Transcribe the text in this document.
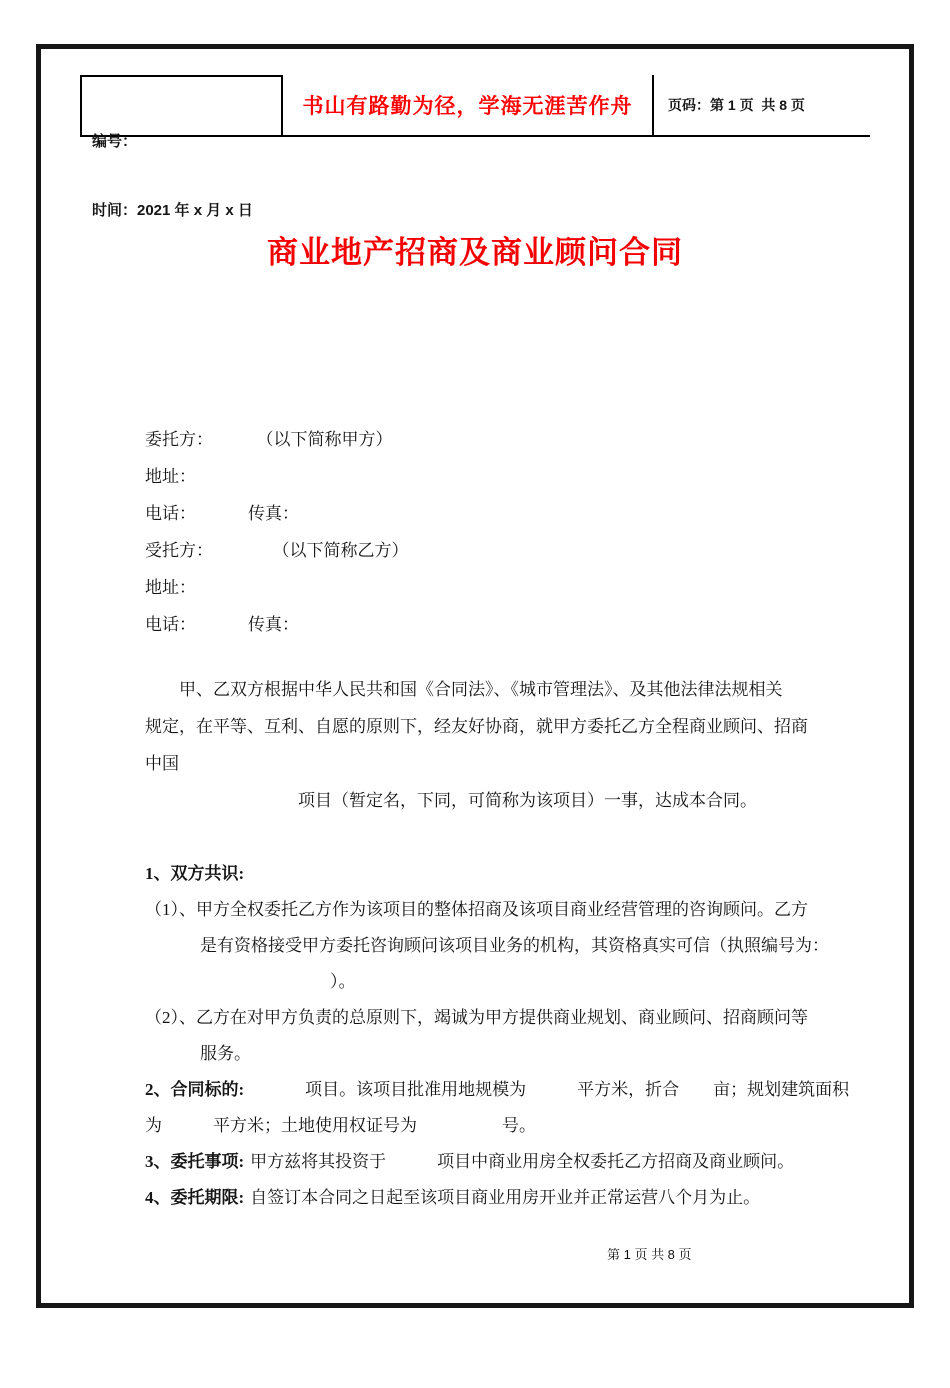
编号：

时间：2021 年 x 月 x 日

书山有路勤为径，学海无涯苦作舟	页码：第 1 页  共 8 页
商业地产招商及商业顾问合同
委托方：	（以下简称甲方）
地址：
电话：	传真：
受托方：	（以下简称乙方）
地址：
电话：	传真：
甲、乙双方根据中华人民共和国《合同法》、《城市管理法》、及其他法律法规相关
规定，在平等、互利、自愿的原则下，经友好协商，就甲方委托乙方全程商业顾问、招商
中国
项目（暂定名，下同，可简称为该项目）一事，达成本合同。
1、双方共识:
（1）、甲方全权委托乙方作为该项目的整体招商及该项目商业经营管理的咨询顾问。乙方
是有资格接受甲方委托咨询顾问该项目业务的机构，其资格真实可信（执照编号为：
）。
（2）、乙方在对甲方负责的总原则下，竭诚为甲方提供商业规划、商业顾问、招商顾问等
服务。
2、合同标的:　　　项目。该项目批准用地规模为　　　平方米，折合　　亩；规划建筑面积
为　　　平方米；土地使用权证号为　　　　　号。
3、委托事项: 甲方兹将其投资于　　　项目中商业用房全权委托乙方招商及商业顾问。
4、委托期限: 自签订本合同之日起至该项目商业用房开业并正常运营八个月为止。
第 1 页 共 8 页
